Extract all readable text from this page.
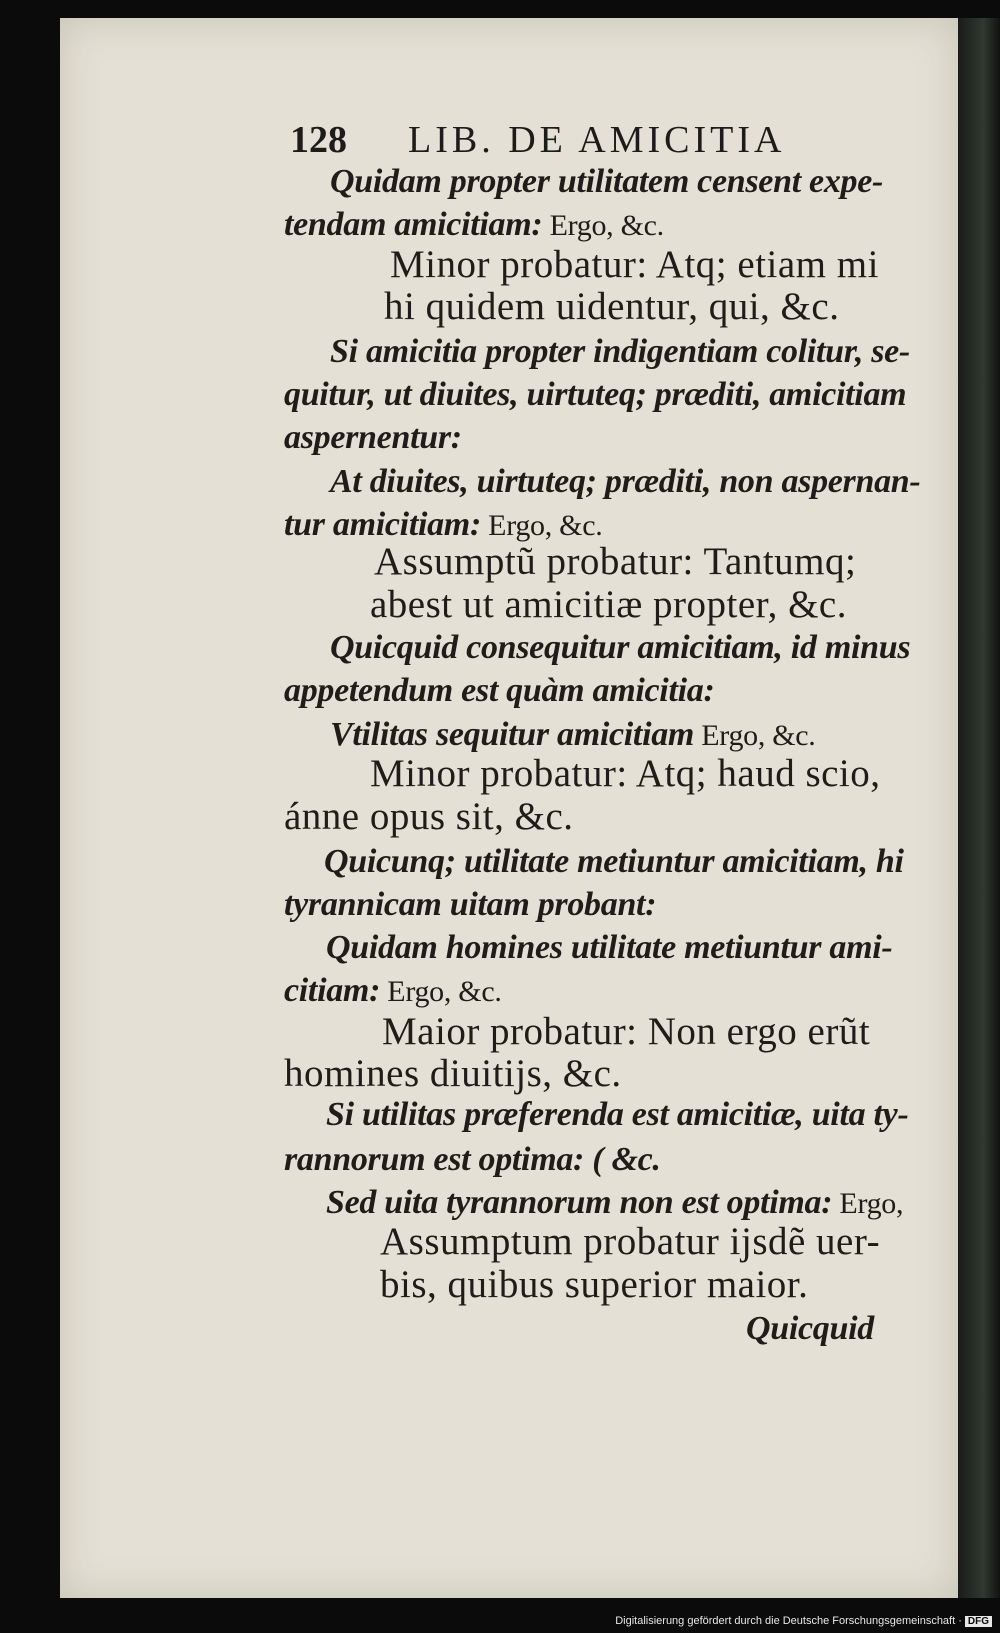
128 LIB. DE AMICITIA
Quidam propter utilitatem censent expe-
tendam amicitiam: Ergo, &c.
Minor probatur: Atq; etiam mi
hi quidem uidentur, qui, &c.
Si amicitia propter indigentiam colitur, se-
quitur, ut diuites, uirtuteq; præditi, amicitiam
aspernentur:
At diuites, uirtuteq; præditi, non aspernan-
tur amicitiam: Ergo, &c.
Assumptũ probatur: Tantumq;
abest ut amicitiæ propter, &c.
Quicquid consequitur amicitiam, id minus
appetendum est quàm amicitia:
Vtilitas sequitur amicitiam Ergo, &c.
Minor probatur: Atq; haud scio,
ánne opus sit, &c.
Quicunq; utilitate metiuntur amicitiam, hi
tyrannicam uitam probant:
Quidam homines utilitate metiuntur ami-
citiam: Ergo, &c.
Maior probatur: Non ergo erũt
homines diuitijs, &c.
Si utilitas præferenda est amicitiæ, uita ty-
rannorum est optima: ( &c.
Sed uita tyrannorum non est optima: Ergo,
Assumptum probatur ijsdẽ uer-
bis, quibus superior maior.
Quicquid
Digitalisierung gefördert durch die Deutsche Forschungsgemeinschaft · DFG
